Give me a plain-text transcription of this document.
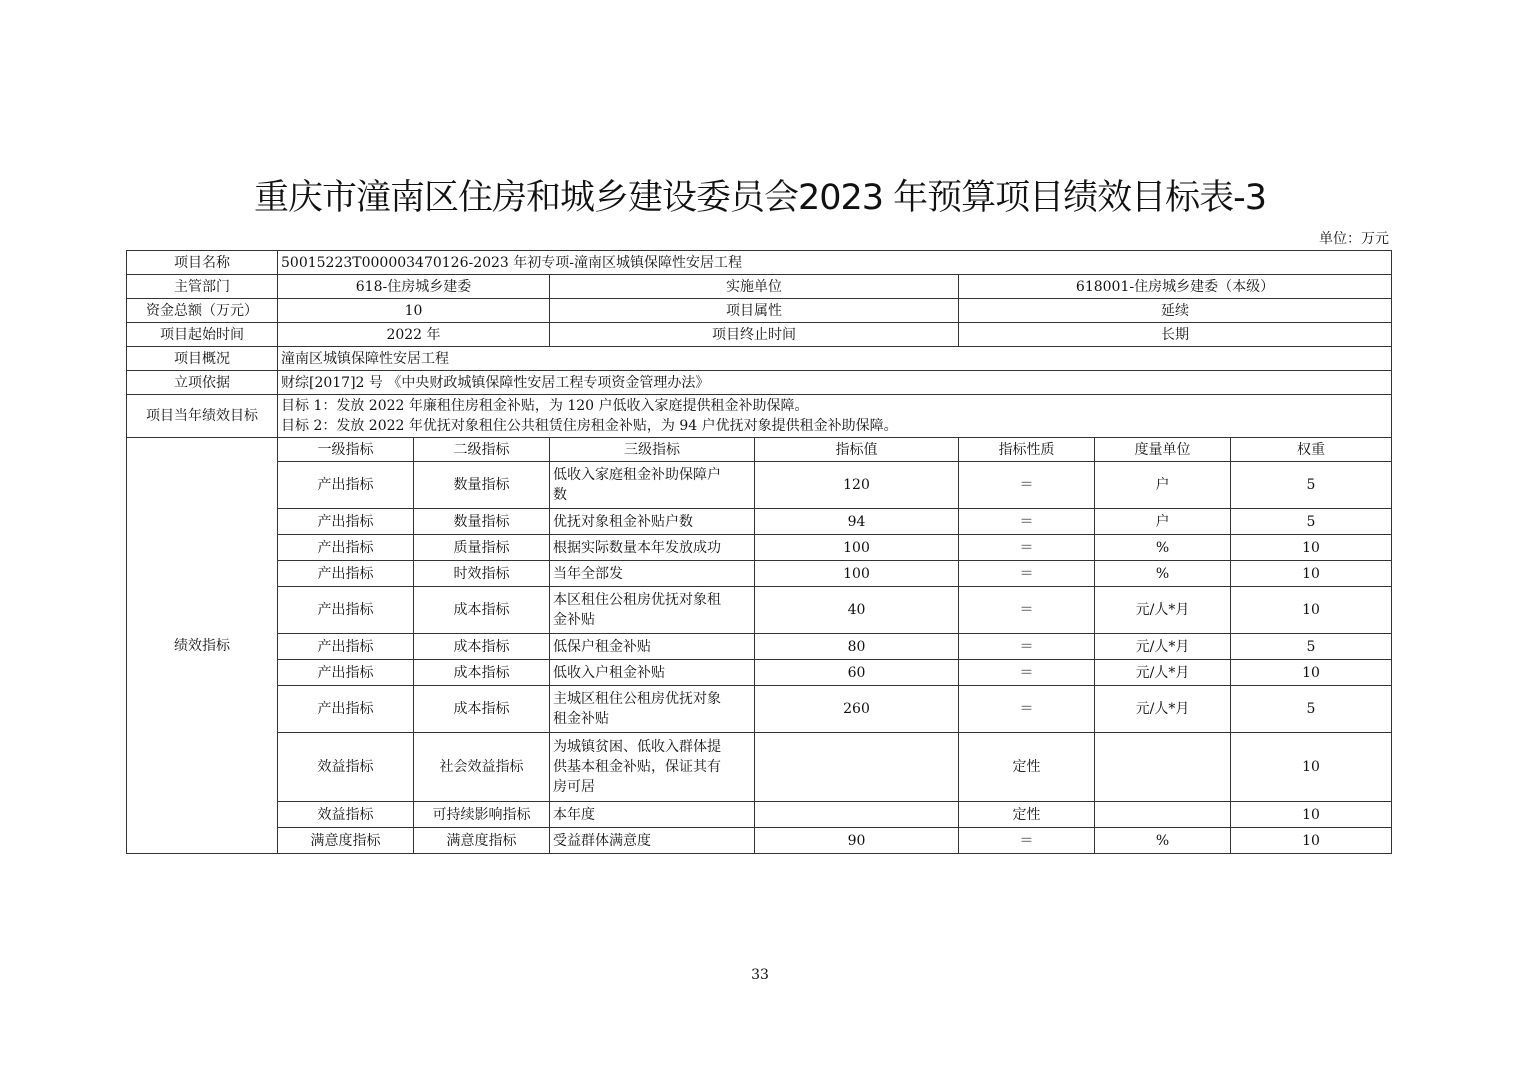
重庆市潼南区住房和城乡建设委员会2023 年预算项目绩效目标表-3
单位：万元
项目名称	50015223T000003470126-2023 年初专项-潼南区城镇保障性安居工程						
主管部门	618-住房城乡建委		实施单位		618001-住房城乡建委（本级）		
资金总额（万元）	10		项目属性		延续		
项目起始时间	2022 年		项目终止时间		长期		
项目概况	潼南区城镇保障性安居工程						
立项依据	财综[2017]2 号 《中央财政城镇保障性安居工程专项资金管理办法》						
项目当年绩效目标	目标 1：发放 2022 年廉租住房租金补贴，为 120 户低收入家庭提供租金补助保障。
目标 2：发放 2022 年优抚对象租住公共租赁住房租金补贴，为 94 户优抚对象提供租金补助保障。						

绩效指标	一级指标	二级指标	三级指标	指标值	指标性质	度量单位	权重
	产出指标	数量指标	低收入家庭租金补助保障户
数	120	＝	户	5
	产出指标	数量指标	优抚对象租金补贴户数	94	＝	户	5
	产出指标	质量指标	根据实际数量本年发放成功	100	＝	%	10
	产出指标	时效指标	当年全部发	100	＝	%	10
	产出指标	成本指标	本区租住公租房优抚对象租
金补贴	40	＝	元/人*月	10
	产出指标	成本指标	低保户租金补贴	80	＝	元/人*月	5
	产出指标	成本指标	低收入户租金补贴	60	＝	元/人*月	10
	产出指标	成本指标	主城区租住公租房优抚对象
租金补贴	260	＝	元/人*月	5
	效益指标	社会效益指标	为城镇贫困、低收入群体提
供基本租金补贴，保证其有
房可居		定性		10
	效益指标	可持续影响指标	本年度		定性		10
	满意度指标	满意度指标	受益群体满意度	90	＝	%	10
33
